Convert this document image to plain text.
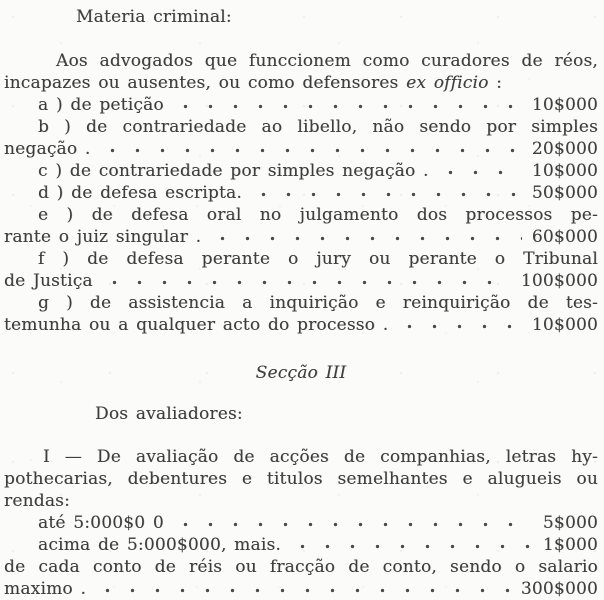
Materia criminal:
Aos advogados que funccionem como curadores de réos,
incapazes ou ausentes, ou como defensores ex officio :
a ) de petição	10$000
b ) de contrariedade ao libello, não sendo por simples
negação .	20$000
c ) de contrariedade por simples negação .	10$000
d ) de defesa escripta.	50$000
e ) de defesa oral no julgamento dos processos pe-
rante o juiz singular .	60$000
f ) de defesa perante o jury ou perante o Tribunal
de Justiça	100$000
g ) de assistencia a inquirição e reinquirição de tes-
temunha ou a qualquer acto do processo .	10$000
Secção III
Dos avaliadores:
I — De avaliação de acções de companhias, letras hy-
pothecarias, debentures e titulos semelhantes e alugueis ou
rendas:
até 5:000$0 0	5$000
acima de 5:000$000, mais.	1$000
de cada conto de réis ou fracção de conto, sendo o salario
maximo .	300$000
